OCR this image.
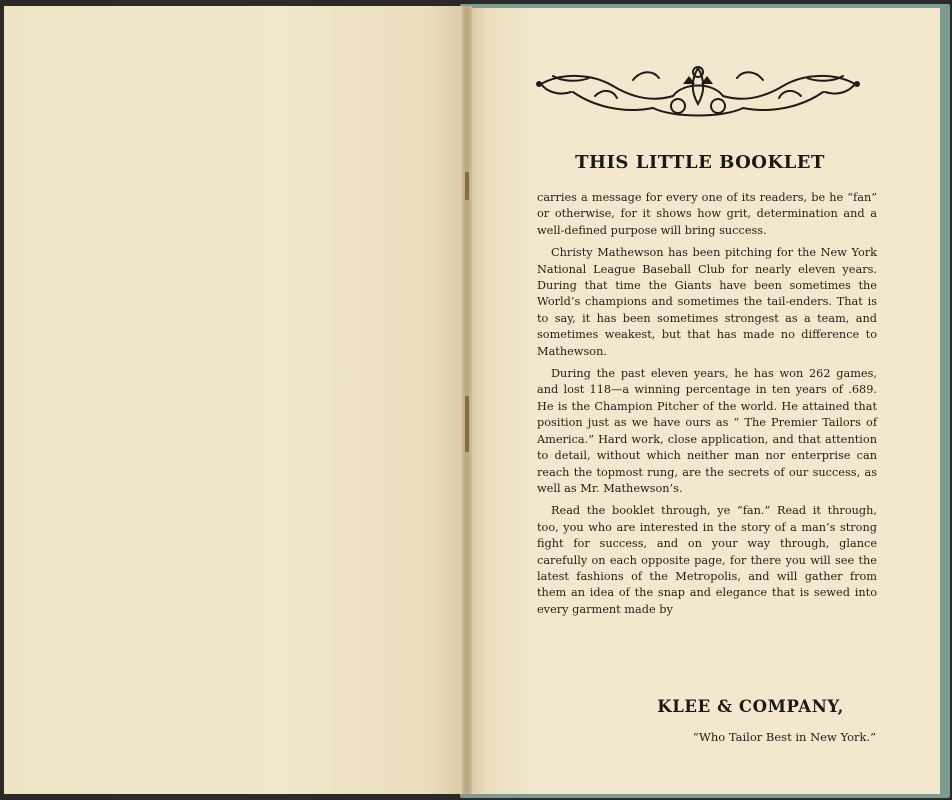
THIS LITTLE BOOKLET

carries a message for every one of its readers, be he “fan” or otherwise, for it shows how grit, determination and a well-defined purpose will bring success.

Christy Mathewson has been pitching for the New York National League Baseball Club for nearly eleven years. During that time the Giants have been sometimes the World’s champions and sometimes the tail-enders. That is to say, it has been sometimes strongest as a team, and sometimes weakest, but that has made no difference to Mathewson.

During the past eleven years, he has won 262 games, and lost 118—a winning percentage in ten years of .689. He is the Champion Pitcher of the world. He attained that position just as we have ours as “ The Premier Tailors of America.” Hard work, close application, and that attention to detail, without which neither man nor enterprise can reach the topmost rung, are the secrets of our success, as well as Mr. Mathewson’s.

Read the booklet through, ye “fan.” Read it through, too, you who are interested in the story of a man’s strong fight for success, and on your way through, glance carefully on each opposite page, for there you will see the latest fashions of the Metropolis, and will gather from them an idea of the snap and elegance that is sewed into every garment made by

KLEE & COMPANY,
“Who Tailor Best in New York.”
